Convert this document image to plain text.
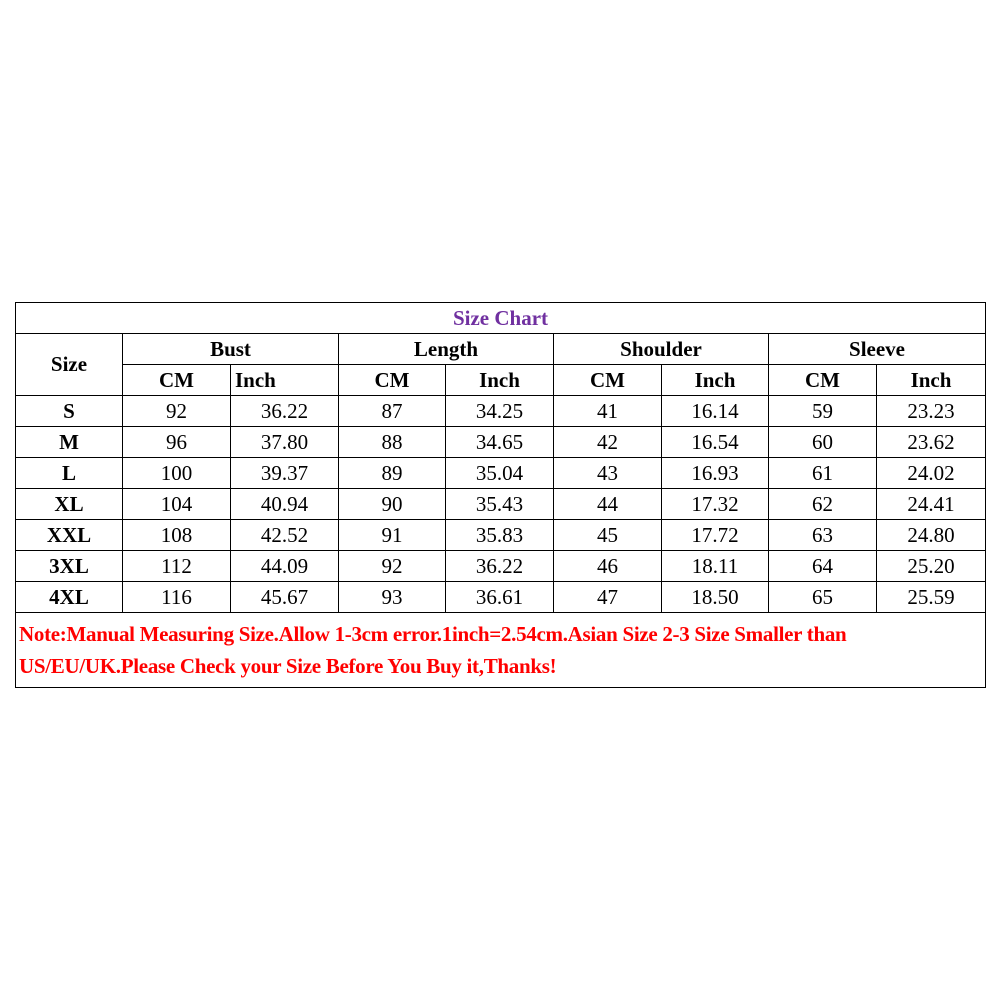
Size Chart								
Size	Bust		Length		Shoulder		Sleeve	
	CM	Inch	CM	Inch	CM	Inch	CM	Inch
S	92	36.22	87	34.25	41	16.14	59	23.23
M	96	37.80	88	34.65	42	16.54	60	23.62
L	100	39.37	89	35.04	43	16.93	61	24.02
XL	104	40.94	90	35.43	44	17.32	62	24.41
XXL	108	42.52	91	35.83	45	17.72	63	24.80
3XL	112	44.09	92	36.22	46	18.11	64	25.20
4XL	116	45.67	93	36.61	47	18.50	65	25.59
Note:Manual Measuring Size.Allow 1-3cm error.1inch=2.54cm.Asian Size 2-3 Size Smaller than US/EU/UK.Please Check your Size Before You Buy it,Thanks!								
